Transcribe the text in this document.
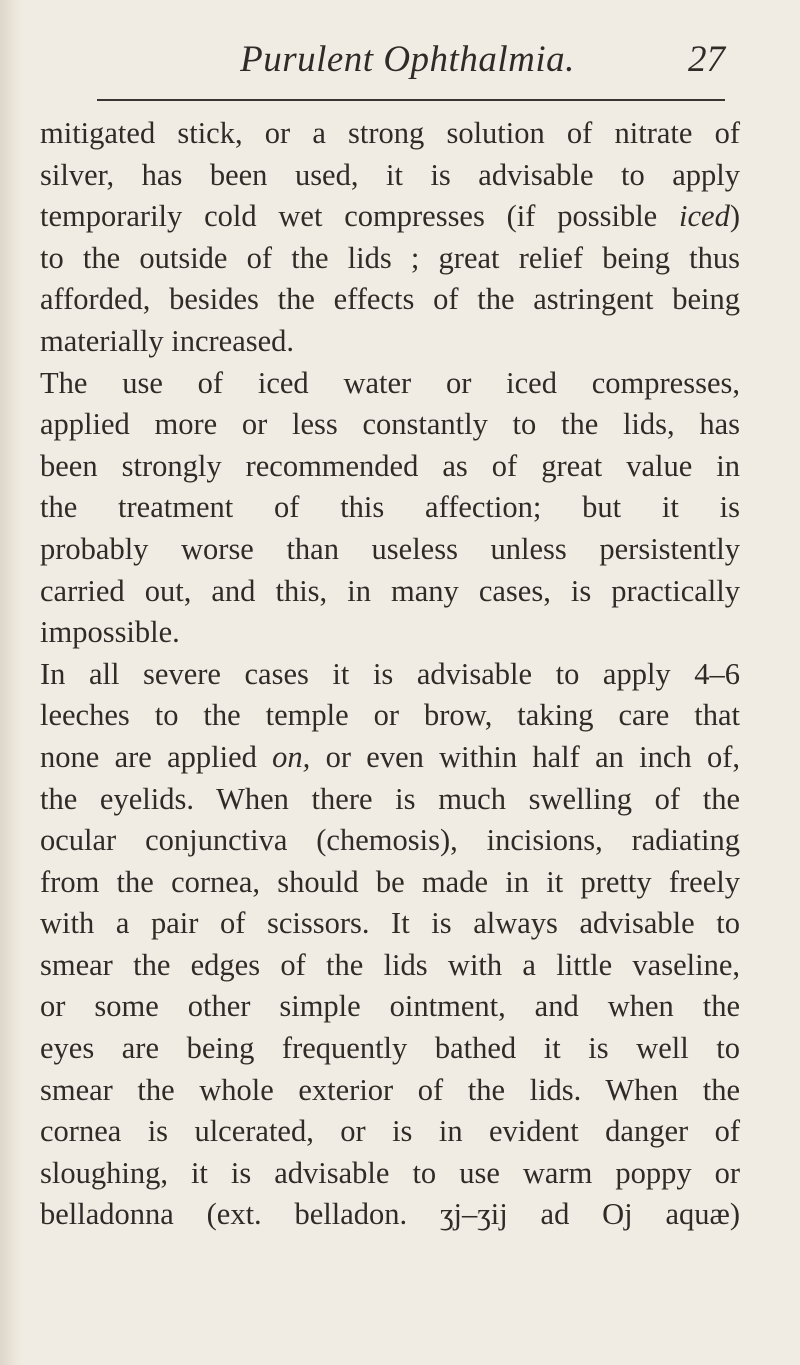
Purulent Ophthalmia.	27
mitigated stick, or a strong solution of nitrate of
silver, has been used, it is advisable to apply
temporarily cold wet compresses (if possible iced)
to the outside of the lids ; great relief being thus
afforded, besides the effects of the astringent being
materially increased.
The use of iced water or iced compresses,
applied more or less constantly to the lids, has
been strongly recommended as of great value in
the treatment of this affection; but it is
probably worse than useless unless persistently
carried out, and this, in many cases, is practically
impossible.
In all severe cases it is advisable to apply 4–6
leeches to the temple or brow, taking care that
none are applied on, or even within half an inch of,
the eyelids. When there is much swelling of the
ocular conjunctiva (chemosis), incisions, radiating
from the cornea, should be made in it pretty freely
with a pair of scissors. It is always advisable to
smear the edges of the lids with a little vaseline,
or some other simple ointment, and when the
eyes are being frequently bathed it is well to
smear the whole exterior of the lids. When the
cornea is ulcerated, or is in evident danger of
sloughing, it is advisable to use warm poppy or
belladonna (ext. belladon. ʒj–ʒij ad Oj aquæ)
